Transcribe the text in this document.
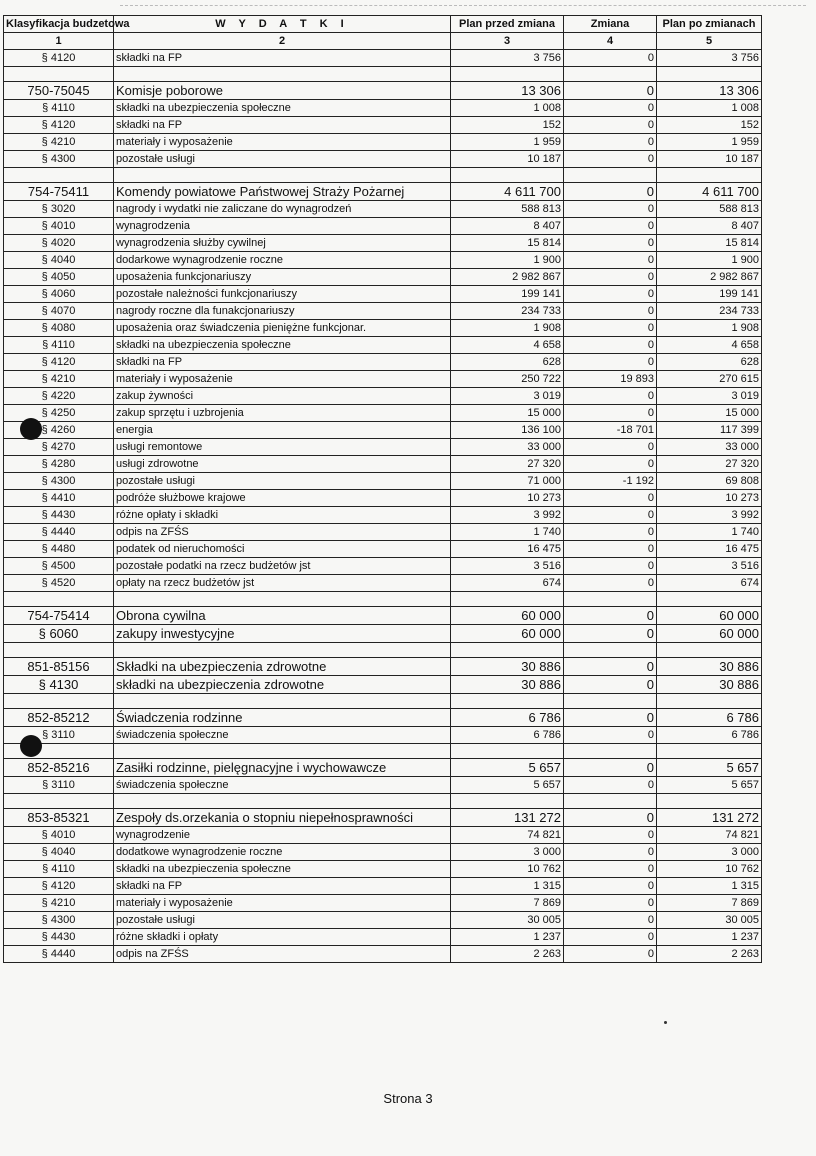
Klasyfikacja budzetowa	W Y D A T K I	Plan przed zmiana	Zmiana	Plan po zmianach
1	2	3	4	5
§ 4120	składki na FP	3 756	0	3 756

750-75045	Komisje poborowe	13 306	0	13 306
§ 4110	składki na ubezpieczenia społeczne	1 008	0	1 008
§ 4120	składki na FP	152	0	152
§ 4210	materiały i wyposażenie	1 959	0	1 959
§ 4300	pozostałe usługi	10 187	0	10 187

754-75411	Komendy powiatowe Państwowej Straży Pożarnej	4 611 700	0	4 611 700
§ 3020	nagrody i wydatki nie zaliczane do wynagrodzeń	588 813	0	588 813
§ 4010	wynagrodzenia	8 407	0	8 407
§ 4020	wynagrodzenia służby cywilnej	15 814	0	15 814
§ 4040	dodarkowe wynagrodzenie roczne	1 900	0	1 900
§ 4050	uposażenia funkcjonariuszy	2 982 867	0	2 982 867
§ 4060	pozostałe należności funkcjonariuszy	199 141	0	199 141
§ 4070	nagrody roczne dla funakcjonariuszy	234 733	0	234 733
§ 4080	uposażenia oraz świadczenia pieniężne funkcjonar.	1 908	0	1 908
§ 4110	składki na ubezpieczenia społeczne	4 658	0	4 658
§ 4120	składki na FP	628	0	628
§ 4210	materiały i wyposażenie	250 722	19 893	270 615
§ 4220	zakup żywności	3 019	0	3 019
§ 4250	zakup sprzętu i uzbrojenia	15 000	0	15 000
§ 4260	energia	136 100	-18 701	117 399
§ 4270	usługi remontowe	33 000	0	33 000
§ 4280	usługi zdrowotne	27 320	0	27 320
§ 4300	pozostałe usługi	71 000	-1 192	69 808
§ 4410	podróże służbowe krajowe	10 273	0	10 273
§ 4430	różne opłaty i składki	3 992	0	3 992
§ 4440	odpis na ZFŚS	1 740	0	1 740
§ 4480	podatek od nieruchomości	16 475	0	16 475
§ 4500	pozostałe podatki na rzecz budżetów jst	3 516	0	3 516
§ 4520	opłaty na rzecz budżetów jst	674	0	674

754-75414	Obrona cywilna	60 000	0	60 000
§ 6060	zakupy inwestycyjne	60 000	0	60 000

851-85156	Składki na ubezpieczenia zdrowotne	30 886	0	30 886
§ 4130	składki na ubezpieczenia zdrowotne	30 886	0	30 886

852-85212	Świadczenia rodzinne	6 786	0	6 786
§ 3110	świadczenia społeczne	6 786	0	6 786

852-85216	Zasiłki rodzinne, pielęgnacyjne i wychowawcze	5 657	0	5 657
§ 3110	świadczenia społeczne	5 657	0	5 657

853-85321	Zespoły ds.orzekania o stopniu niepełnosprawności	131 272	0	131 272
§ 4010	wynagrodzenie	74 821	0	74 821
§ 4040	dodatkowe wynagrodzenie roczne	3 000	0	3 000
§ 4110	składki na ubezpieczenia społeczne	10 762	0	10 762
§ 4120	składki na FP	1 315	0	1 315
§ 4210	materiały i wyposażenie	7 869	0	7 869
§ 4300	pozostałe usługi	30 005	0	30 005
§ 4430	różne składki i opłaty	1 237	0	1 237
§ 4440	odpis na ZFŚS	2 263	0	2 263
Strona 3
